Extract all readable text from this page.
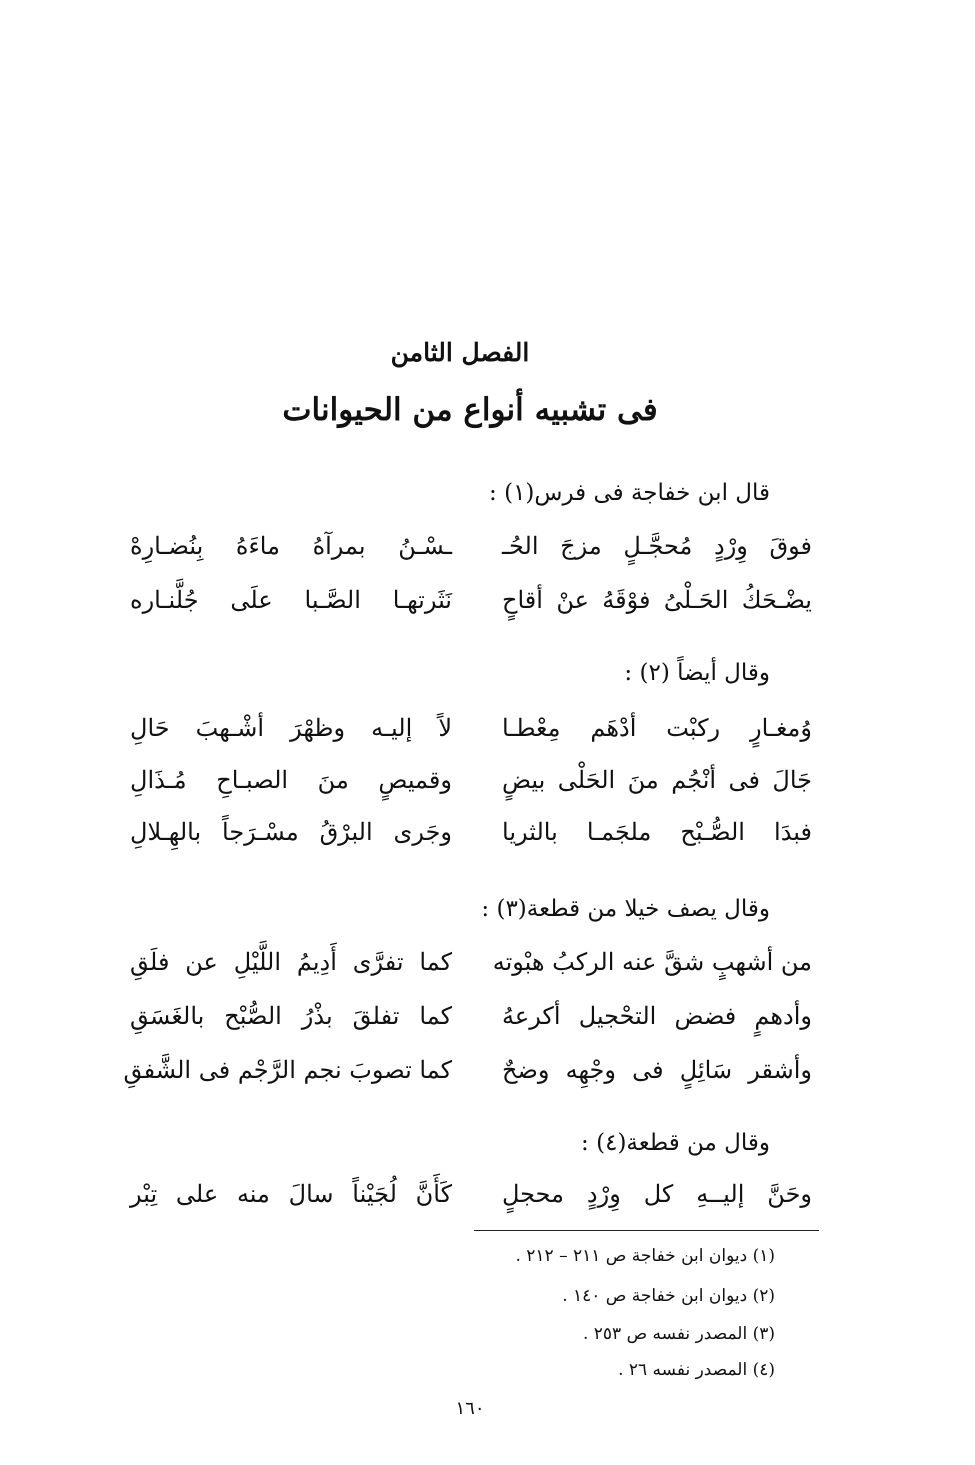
الفصل الثامن
فى تشبيه أنواع من الحيوانات
قال ابن خفاجة فى فرس(١) :
فوقَ وِرْدٍ مُحجَّـلٍ مزجَ الحُـ
ـسْـنُ بمرآهُ ماءَهُ بِنُضـارِهْ
يضْـحَكُ الحَـلْىُ فوْقَهُ عنْ أقاحٍ
نَثَرتهـا الصَّـبا علَى جُلَّنـاره
وقال أيضاً (٢) :
وُمغـارٍ ركبْت أدْهَم مِعْطـا
لاً إليـه وظهْرَ أشْـهبَ حَالِ
جَالَ فى أنْجُم منَ الحَلْى بيضٍ
وقميصٍ منَ الصبـاحِ مُـذَالِ
فبدَا الصُّـبْح ملجَمـا بالثريا
وجَرى البرْقُ مسْـرَجاً بالهِـلالِ
وقال يصف خيلا من قطعة(٣) :
من أشهبٍ شقَّ عنه الركبُ هبْوته
كما تفرَّى أَدِيمُ اللَّيْلِ عن فلَقِ
وأدهمٍ فضض التحْجيل أكرعهُ
كما تفلقَ بذْرُ الصُّبْح بالغَسَقِ
وأشقر سَائِلٍ فى وجْهِه وضحٌ
كما تصوبَ نجم الرَّجْم فى الشَّفقِ
وقال من قطعة(٤) :
وحَنَّ إليــهِ كل وِرْدٍ محجلٍ
كَأَنَّ لُجَيْناً سالَ منه على تِبْر
(١) ديوان ابن خفاجة ص ٢١١ – ٢١٢ .
(٢) ديوان ابن خفاجة ص ١٤٠ .
(٣) المصدر نفسه ص ٢٥٣ .
(٤) المصدر نفسه ٢٦ .
١٦٠
